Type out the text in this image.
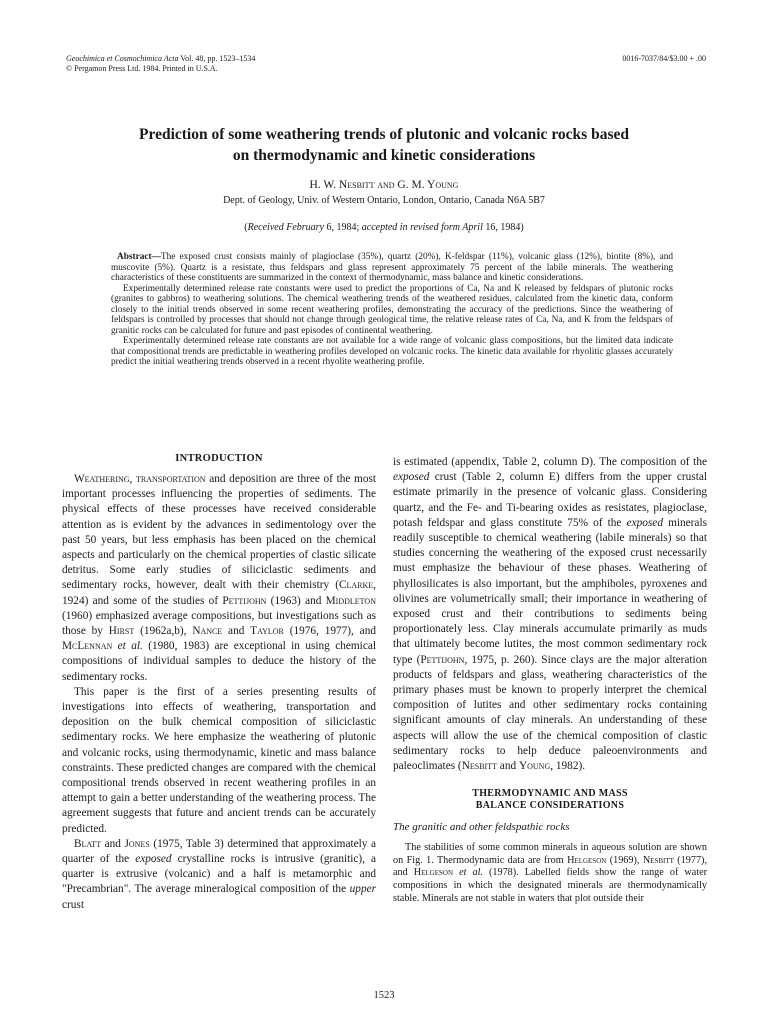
Geochimica et Cosmochimica Acta Vol. 48, pp. 1523–1534
© Pergamon Press Ltd. 1984. Printed in U.S.A.
0016-7037/84/$3.00 + .00
Prediction of some weathering trends of plutonic and volcanic rocks based
on thermodynamic and kinetic considerations
H. W. Nesbitt and G. M. Young
Dept. of Geology, Univ. of Western Ontario, London, Ontario, Canada N6A 5B7
(Received February 6, 1984; accepted in revised form April 16, 1984)

Abstract—The exposed crust consists mainly of plagioclase (35%), quartz (20%), K-feldspar (11%), volcanic glass (12%), biotite (8%), and muscovite (5%). Quartz is a resistate, thus feldspars and glass represent approximately 75 percent of the labile minerals. The weathering characteristics of these constituents are summarized in the context of thermodynamic, mass balance and kinetic considerations.

Experimentally determined release rate constants were used to predict the proportions of Ca, Na and K released by feldspars of plutonic rocks (granites to gabbros) to weathering solutions. The chemical weathering trends of the weathered residues, calculated from the kinetic data, conform closely to the initial trends observed in some recent weathering profiles, demonstrating the accuracy of the predictions. Since the weathering of feldspars is controlled by processes that should not change through geological time, the relative release rates of Ca, Na, and K from the feldspars of granitic rocks can be calculated for future and past episodes of continental weathering.

Experimentally determined release rate constants are not available for a wide range of volcanic glass compositions, but the limited data indicate that compositional trends are predictable in weathering profiles developed on volcanic rocks. The kinetic data available for rhyolitic glasses accurately predict the initial weathering trends observed in a recent rhyolite weathering profile.

INTRODUCTION

Weathering, transportation and deposition are three of the most important processes influencing the properties of sediments. The physical effects of these processes have received considerable attention as is evident by the advances in sedimentology over the past 50 years, but less emphasis has been placed on the chemical aspects and particularly on the chemical properties of clastic silicate detritus. Some early studies of siliciclastic sediments and sedimentary rocks, however, dealt with their chemistry (Clarke, 1924) and some of the studies of Pettijohn (1963) and Middleton (1960) emphasized average compositions, but investigations such as those by Hirst (1962a,b), Nance and Taylor (1976, 1977), and McLennan et al. (1980, 1983) are exceptional in using chemical compositions of individual samples to deduce the history of the sedimentary rocks.

This paper is the first of a series presenting results of investigations into effects of weathering, transportation and deposition on the bulk chemical composition of siliciclastic sedimentary rocks. We here emphasize the weathering of plutonic and volcanic rocks, using thermodynamic, kinetic and mass balance constraints. These predicted changes are compared with the chemical compositional trends observed in recent weathering profiles in an attempt to gain a better understanding of the weathering process. The agreement suggests that future and ancient trends can be accurately predicted.

Blatt and Jones (1975, Table 3) determined that approximately a quarter of the exposed crystalline rocks is intrusive (granitic), a quarter is extrusive (volcanic) and a half is metamorphic and "Precambrian". The average mineralogical composition of the upper crust

is estimated (appendix, Table 2, column D). The composition of the exposed crust (Table 2, column E) differs from the upper crustal estimate primarily in the presence of volcanic glass. Considering quartz, and the Fe- and Ti-bearing oxides as resistates, plagioclase, potash feldspar and glass constitute 75% of the exposed minerals readily susceptible to chemical weathering (labile minerals) so that studies concerning the weathering of the exposed crust necessarily must emphasize the behaviour of these phases. Weathering of phyllosilicates is also important, but the amphiboles, pyroxenes and olivines are volumetrically small; their importance in weathering of exposed crust and their contributions to sediments being proportionately less. Clay minerals accumulate primarily as muds that ultimately become lutites, the most common sedimentary rock type (Pettijohn, 1975, p. 260). Since clays are the major alteration products of feldspars and glass, weathering characteristics of the primary phases must be known to properly interpret the chemical composition of lutites and other sedimentary rocks containing significant amounts of clay minerals. An understanding of these aspects will allow the use of the chemical composition of clastic sedimentary rocks to help deduce paleoenvironments and paleoclimates (Nesbitt and Young, 1982).

THERMODYNAMIC AND MASS
BALANCE CONSIDERATIONS
The granitic and other feldspathic rocks

The stabilities of some common minerals in aqueous solution are shown on Fig. 1. Thermodynamic data are from Helgeson (1969), Nesbitt (1977), and Helgeson et al. (1978). Labelled fields show the range of water compositions in which the designated minerals are thermodynamically stable. Minerals are not stable in waters that plot outside their

1523
